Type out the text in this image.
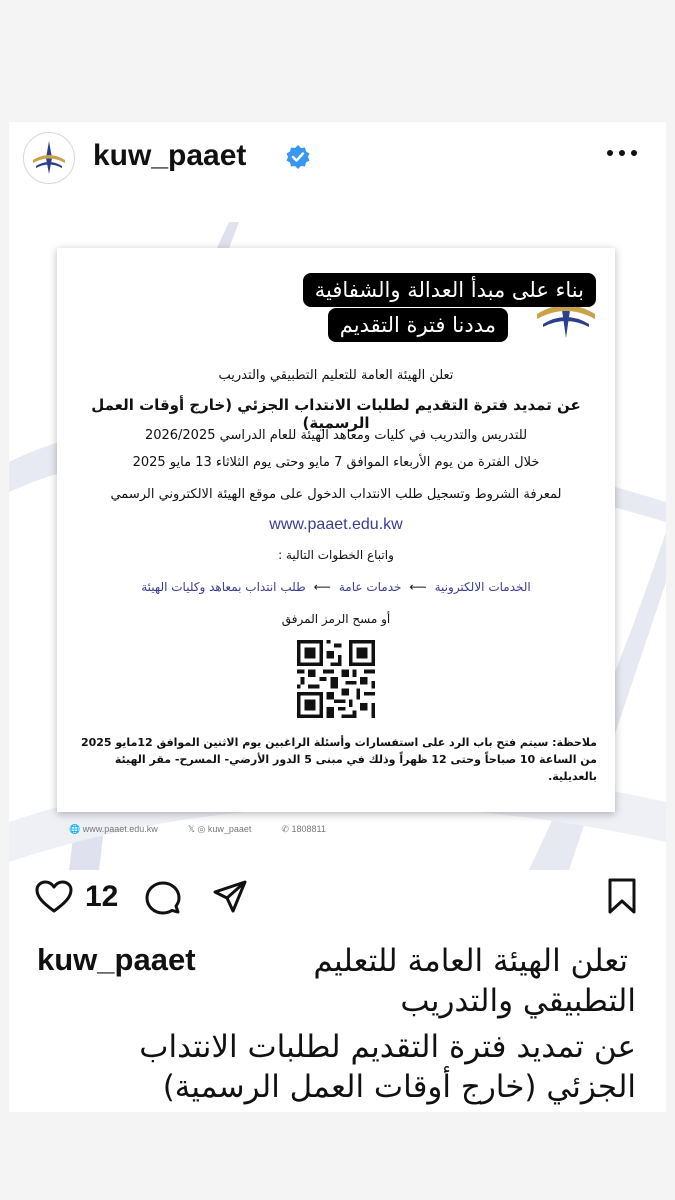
kuw_paaet
تعلن الهيئة العامة للتعليم التطبيقي والتدريب
عن تمديد فترة التقديم لطلبات الانتداب الجزئي (خارج أوقات العمل الرسمية)
للتدريس والتدريب في كليات ومعاهد الهيئة للعام الدراسي 2026/2025
خلال الفترة من يوم الأربعاء الموافق 7 مايو وحتى يوم الثلاثاء 13 مايو 2025
لمعرفة الشروط وتسجيل طلب الانتداب الدخول على موقع الهيئة الالكتروني الرسمي
www.paaet.edu.kw
واتباع الخطوات التالية :
الخدمات الالكترونية⟵خدمات عامة⟵طلب انتداب بمعاهد وكليات الهيئة
أو مسح الرمز المرفق
ملاحظة: سيتم فتح باب الرد على استفسارات وأسئلة الراغبين يوم الاثنين الموافق 12مايو 2025 من الساعة 10 صباحاً وحتى 12 ظهراً وذلك في مبنى 5 الدور الأرضي- المسرح- مقر الهيئة بالعديلية.
🌐 www.paaet.edu.kw	𝕏 ◎ kuw_paaet	✆ 1808811
بناء على مبدأ العدالة والشفافية
مددنا فترة التقديم
12
kuw_paaet	تعلن الهيئة العامة للتعليم
التطبيقي والتدريب
عن تمديد فترة التقديم لطلبات الانتداب
الجزئي (خارج أوقات العمل الرسمية)
